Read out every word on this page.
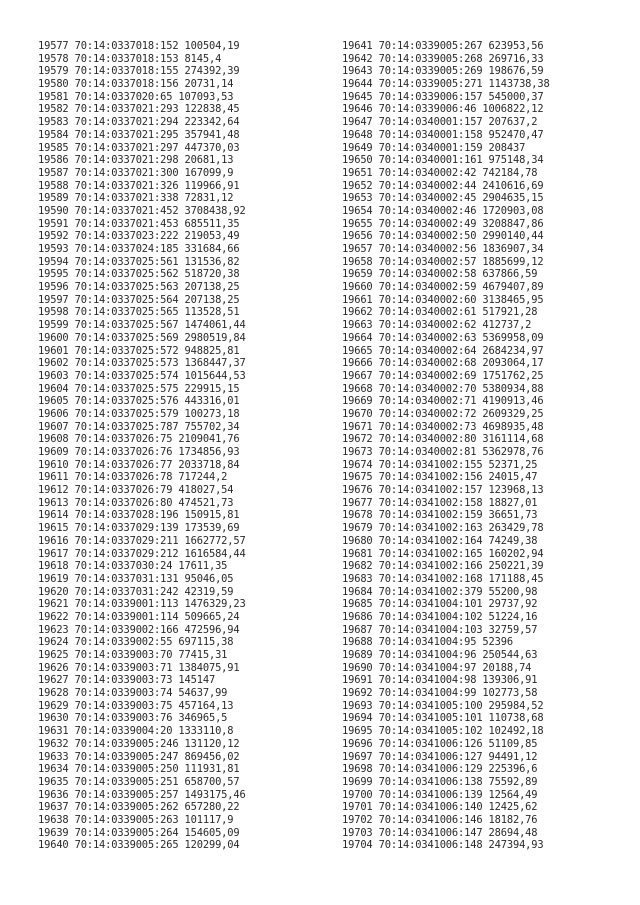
19577 70:14:0337018:152 100504,19
19578 70:14:0337018:153 8145,4
19579 70:14:0337018:155 274392,39
19580 70:14:0337018:156 20731,14
19581 70:14:0337020:65 107093,53
19582 70:14:0337021:293 122838,45
19583 70:14:0337021:294 223342,64
19584 70:14:0337021:295 357941,48
19585 70:14:0337021:297 447370,03
19586 70:14:0337021:298 20681,13
19587 70:14:0337021:300 167099,9
19588 70:14:0337021:326 119966,91
19589 70:14:0337021:338 72831,12
19590 70:14:0337021:452 3708438,92
19591 70:14:0337021:453 685511,35
19592 70:14:0337023:222 219053,49
19593 70:14:0337024:185 331684,66
19594 70:14:0337025:561 131536,82
19595 70:14:0337025:562 518720,38
19596 70:14:0337025:563 207138,25
19597 70:14:0337025:564 207138,25
19598 70:14:0337025:565 113528,51
19599 70:14:0337025:567 1474061,44
19600 70:14:0337025:569 2980519,84
19601 70:14:0337025:572 948825,81
19602 70:14:0337025:573 1368447,37
19603 70:14:0337025:574 1015644,53
19604 70:14:0337025:575 229915,15
19605 70:14:0337025:576 443316,01
19606 70:14:0337025:579 100273,18
19607 70:14:0337025:787 755702,34
19608 70:14:0337026:75 2109041,76
19609 70:14:0337026:76 1734856,93
19610 70:14:0337026:77 2033718,84
19611 70:14:0337026:78 717244,2
19612 70:14:0337026:79 418027,54
19613 70:14:0337026:80 474521,73
19614 70:14:0337028:196 150915,81
19615 70:14:0337029:139 173539,69
19616 70:14:0337029:211 1662772,57
19617 70:14:0337029:212 1616584,44
19618 70:14:0337030:24 17611,35
19619 70:14:0337031:131 95046,05
19620 70:14:0337031:242 42319,59
19621 70:14:0339001:113 1476329,23
19622 70:14:0339001:114 509665,24
19623 70:14:0339002:166 472596,94
19624 70:14:0339002:55 697115,38
19625 70:14:0339003:70 77415,31
19626 70:14:0339003:71 1384075,91
19627 70:14:0339003:73 145147
19628 70:14:0339003:74 54637,99
19629 70:14:0339003:75 457164,13
19630 70:14:0339003:76 346965,5
19631 70:14:0339004:20 1333110,8
19632 70:14:0339005:246 131120,12
19633 70:14:0339005:247 869456,02
19634 70:14:0339005:250 111931,81
19635 70:14:0339005:251 658700,57
19636 70:14:0339005:257 1493175,46
19637 70:14:0339005:262 657280,22
19638 70:14:0339005:263 101117,9
19639 70:14:0339005:264 154605,09
19640 70:14:0339005:265 120299,04
19641 70:14:0339005:267 623953,56
19642 70:14:0339005:268 269716,33
19643 70:14:0339005:269 198676,59
19644 70:14:0339005:271 1143738,38
19645 70:14:0339006:157 545000,37
19646 70:14:0339006:46 1006822,12
19647 70:14:0340001:157 207637,2
19648 70:14:0340001:158 952470,47
19649 70:14:0340001:159 208437
19650 70:14:0340001:161 975148,34
19651 70:14:0340002:42 742184,78
19652 70:14:0340002:44 2410616,69
19653 70:14:0340002:45 2904635,15
19654 70:14:0340002:46 1720903,08
19655 70:14:0340002:49 3208847,86
19656 70:14:0340002:50 2990140,44
19657 70:14:0340002:56 1836907,34
19658 70:14:0340002:57 1885699,12
19659 70:14:0340002:58 637866,59
19660 70:14:0340002:59 4679407,89
19661 70:14:0340002:60 3138465,95
19662 70:14:0340002:61 517921,28
19663 70:14:0340002:62 412737,2
19664 70:14:0340002:63 5369958,09
19665 70:14:0340002:64 2684234,97
19666 70:14:0340002:68 2093064,17
19667 70:14:0340002:69 1751762,25
19668 70:14:0340002:70 5380934,88
19669 70:14:0340002:71 4190913,46
19670 70:14:0340002:72 2609329,25
19671 70:14:0340002:73 4698935,48
19672 70:14:0340002:80 3161114,68
19673 70:14:0340002:81 5362978,76
19674 70:14:0341002:155 52371,25
19675 70:14:0341002:156 24015,47
19676 70:14:0341002:157 123968,13
19677 70:14:0341002:158 18827,01
19678 70:14:0341002:159 36651,73
19679 70:14:0341002:163 263429,78
19680 70:14:0341002:164 74249,38
19681 70:14:0341002:165 160202,94
19682 70:14:0341002:166 250221,39
19683 70:14:0341002:168 171188,45
19684 70:14:0341002:379 55200,98
19685 70:14:0341004:101 29737,92
19686 70:14:0341004:102 51224,16
19687 70:14:0341004:103 32759,57
19688 70:14:0341004:95 52396
19689 70:14:0341004:96 250544,63
19690 70:14:0341004:97 20188,74
19691 70:14:0341004:98 139306,91
19692 70:14:0341004:99 102773,58
19693 70:14:0341005:100 295984,52
19694 70:14:0341005:101 110738,68
19695 70:14:0341005:102 102492,18
19696 70:14:0341006:126 51109,85
19697 70:14:0341006:127 94491,12
19698 70:14:0341006:129 225396,6
19699 70:14:0341006:138 75592,89
19700 70:14:0341006:139 12564,49
19701 70:14:0341006:140 12425,62
19702 70:14:0341006:146 18182,76
19703 70:14:0341006:147 28694,48
19704 70:14:0341006:148 247394,93
